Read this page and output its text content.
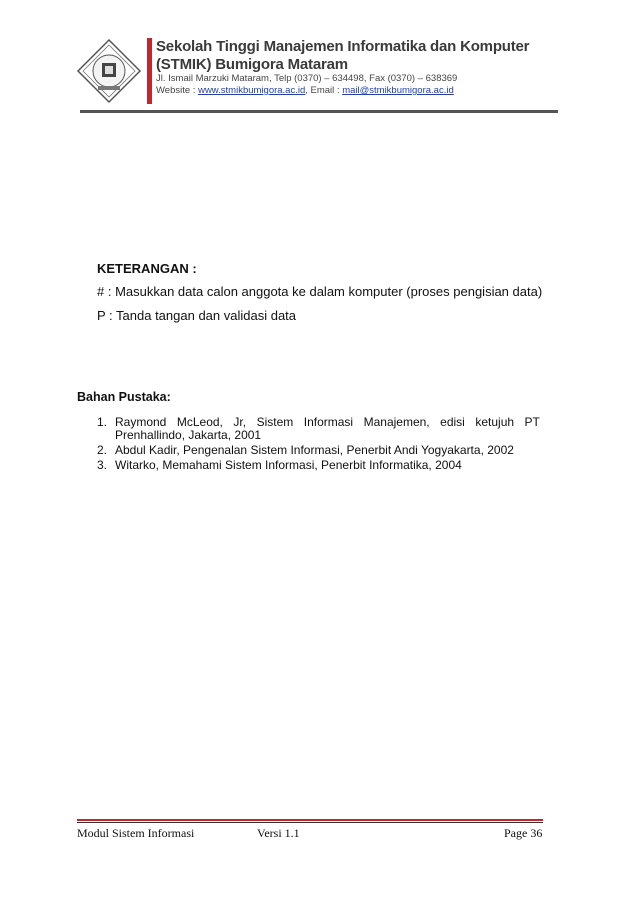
Sekolah Tinggi Manajemen Informatika dan Komputer
(STMIK) Bumigora Mataram
Jl. Ismail Marzuki Mataram, Telp (0370) – 634498, Fax (0370) – 638369
Website : www.stmikbumigora.ac.id, Email : mail@stmikbumigora.ac.id
KETERANGAN :
# : Masukkan data calon anggota ke dalam komputer (proses pengisian data)
P : Tanda tangan dan validasi data
Bahan Pustaka:
1. Raymond McLeod, Jr, Sistem Informasi Manajemen, edisi ketujuh PT
Prenhallindo, Jakarta, 2001
2. Abdul Kadir, Pengenalan Sistem Informasi, Penerbit Andi Yogyakarta, 2002
3. Witarko, Memahami Sistem Informasi, Penerbit Informatika, 2004
Modul Sistem Informasi	Versi 1.1	Page 36
